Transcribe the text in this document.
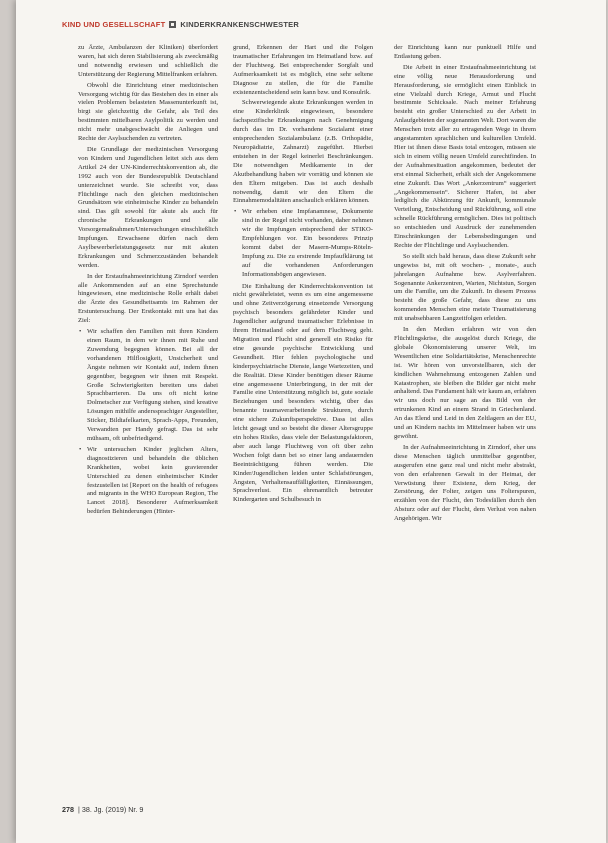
KIND UND GESELLSCHAFT KINDERKRANKENSCHWESTER

zu Ärzte, Ambulanzen der Kliniken) überfordert waren, hat sich deren Stabilisierung als zweckmäßig und notwendig erwiesen und schließlich die Unterstützung der Regierung Mittelfranken erfahren.

Obwohl die Einrichtung einer medizinischen Versorgung wichtig für das Bestehen des in einer als vielen Problemen belasteten Massenunterkunft ist, birgt sie gleichzeitig die Gefahr, als Teil des bestimmten mittelbaren Asylpolitik zu werden und nicht mehr unabgeschwächt die Anliegen und Rechte der Asylsuchenden zu vertreten.

Die Grundlage der medizinischen Versorgung von Kindern und Jugendlichen leitet sich aus dem Artikel 24 der UN-Kinderrechtskonvention ab, die 1992 auch von der Bundesrepublik Deutschland unterzeichnet wurde. Sie schreibt vor, dass Flüchtlinge nach den gleichen medizinischen Grundsätzen wie einheimische Kinder zu behandeln sind. Das gilt sowohl für akute als auch für chronische Erkrankungen und alle Vorsorgemaßnahmen/Untersuchungen einschließlich Impfungen. Erwachsene dürfen nach dem Asylbewerberleistungsgesetz nur mit akuten Erkrankungen und Schmerzzuständen behandelt werden.

In der Erstaufnahmeeinrichtung Zirndorf werden alle Ankommenden auf an eine Sprechstunde hingewiesen, eine medizinische Rolle erhält dabei die Ärzte des Gesundheitsamts im Rahmen der Erstuntersuchung. Der Erstkontakt mit uns hat das Ziel:

• Wir schaffen den Familien mit ihren Kindern einen Raum, in dem wir ihnen mit Ruhe und Zuwendung begegnen können. Bei all der vorhandenen Hilflosigkeit, Unsicherheit und Ängste nehmen wir Kontakt auf, indem ihnen gegenüber, begegnen wir ihnen mit Respekt. Große Schwierigkeiten bereiten uns dabei Sprachbarrieren. Da uns oft nicht keine Dolmetscher zur Verfügung stehen, sind kreative Lösungen mithilfe anderssprachiger Angestellter, Sticker, Bildtafelkarten, Sprach-Apps, Freunden, Verwandten per Handy gefragt. Das ist sehr mühsam, oft unbefriedigend.
• Wir untersuchen Kinder jeglichen Alters, diagnostizieren und behandeln die üblichen Krankheiten, wobei kein gravierender Unterschied zu denen einheimischer Kinder festzustellen ist [Report on the health of refugees and migrants in the WHO European Region, The Lancet 2018]. Besonderer Aufmerksamkeit bedürfen Behinderungen (Hinter-

grund, Erkennen der Hart und die Folgen traumatischer Erfahrungen im Heimatland bzw. auf der Fluchtweg. Bei entsprechender Sorgfalt und Aufmerksamkeit ist es möglich, eine sehr seltene Diagnose zu stellen, die für die Familie existenzentscheidend sein kann bzw. und Konsulrik.

Schwerwiegende akute Erkrankungen werden in eine Kinderklinik eingewiesen, besondere fachspezifische Erkrankungen nach Genehmigung durch das im Dr. vorhandene Sozialamt einer entsprechenden Sozialambulanz (z.B. Orthopädie, Neuropädiatrie, Zahnarzt) zugeführt. Hierbei entstehen in der Regel keinerlei Beschränkungen. Die notwendigen Medikamente in der Akutbehandlung haben wir vorrätig und können sie den Eltern mitgeben. Das ist auch deshalb notwendig, damit wir den Eltern die Einnahmemodalitäten anschaulich erklären können.

• Wir erheben eine Impfanamnese, Dokumente sind in der Regel nicht vorhanden, daher nehmen wir die Impfungen entsprechend der STIKO-Empfehlungen vor. Ein besonderes Prinzip kommt dabei der Masern-Mumps-Röteln-Impfung zu. Die zu erstrende Impfaufklärung ist auf die vorhandenen Anforderungen Informationsbögen angewiesen.

Die Einhaltung der Kinderrechtskonvention ist nicht gewährleistet, wenn es um eine angemessene und ohne Zeitverzögerung einsetzende Versorgung psychisch besonders gefährdeter Kinder und Jugendlicher aufgrund traumatischer Erlebnisse in ihrem Heimatland oder auf dem Fluchtweg geht. Migration und Flucht sind generell ein Risiko für eine gesunde psychische Entwicklung und Gesundheit. Hier fehlen psychologische und kinderpsychiatrische Dienste, lange Wartezeiten, und die Realität. Diese Kinder benötigen dieser Räume eine angemessene Unterbringung, in der mit der Familie eine Unterstützung möglich ist, gute soziale Beziehungen und besonders wichtig, über das benannte traumaverarbeitende Strukturen, durch eine sichere Zukunftsperspektive. Dass ist alles leicht gesagt und so besteht die dieser Altersgruppe ein hohes Risiko, dass viele der Belastungsfaktoren, aber auch lange Fluchtweg von oft über zehn Wochen folgt dann bei so einer lang andauernden Beeinträchtigung führen werden. Die Kinder/Jugendlichen leiden unter Schlafstörungen, Ängsten, Verhaltensauffälligkeiten, Einnässungen, Sprachverlust. Ein ehrenamtlich betreuter Kindergarten und Schulbesuch in

der Einrichtung kann nur punktuell Hilfe und Entlastung geben.

Die Arbeit in einer Erstaufnahmeeinrichtung ist eine völlig neue Herausforderung und Herausforderung, sie ermöglicht einen Einblick in eine Vielzahl durch Kriege, Armut und Flucht bestimmte Schicksale. Nach meiner Erfahrung besteht ein großer Unterschied zu der Arbeit in Anlaufgebieten der sogenannten Welt. Dort waren die Menschen trotz aller zu ertragenden Wege in ihrem angestammten sprachlichen und kulturellen Umfeld. Hier ist ihnen diese Basis total entzogen, müssen sie sich in einem völlig neuen Umfeld zurechtfinden. In der Aufnahmesituation angekommen, bedeutet der erst einmal Sicherheit, erhält sich der Angekommene eine Zukunft. Das Wort „Ankerzentrum“ suggeriert „Angekommensein“. Sicherer Hafen, ist aber lediglich die Abkürzung für Ankunft, kommunale Verteilung, Entscheidung und Rückführung, soll eine schnelle Rückführung ermöglichen. Dies ist politisch so entschieden und Ausdruck der zunehmenden Einschränkungen der Lebensbedingungen und Rechte der Flüchtlinge und Asylsuchenden.

So stellt sich bald heraus, dass diese Zukunft sehr ungewiss ist, mit oft wochen- , monate-, auch jahrelangen Aufnahme bzw. Asylverfahren. Sogenannte Ankerzentren, Warten, Nichtstun, Sorgen um die Familie, um die Zukunft. In diesem Prozess besteht die große Gefahr, dass diese zu uns kommenden Menschen eine meiste Traumatisierung mit unabsehbaren Langzeitfolgen erleiden.

In den Medien erfahren wir von den Flüchtlingskrise, die ausgelöst durch Kriege, die globale Ökonomisierung unserer Welt, im Wesentlichen eine Solidaritätskrise, Menschenrechte ist. Wir hören von unvorstellbaren, sich der kindlichen Wahrnehmung entzogenen Zahlen und Katastrophen, sie bleiben die Bilder gar nicht mehr anhaltend. Das Fundament hält wir kaum an, erfahren wir uns doch nur sage an das Bild von der ertrunkenen Kind an einem Strand in Griechenland. An das Elend und Leid in den Zeltlagern an der EU, und an Kindern nachts im Mittelmeer haben wir uns gewöhnt.

In der Aufnahmeeinrichtung in Zirndorf, eher uns diese Menschen täglich unmittelbar gegenüber, ausgerufen eine ganz real und nicht mehr abstrakt, von den erfahrenen Gewalt in der Heimat, der Verwüstung ihrer Existenz, dem Krieg, der Zerstörung, der Folter, zeigen uns Folterspuren, erzählen von der Flucht, den Todesfällen durch den Absturz oder auf der Flucht, dem Verlust von nahen Angehörigen. Wir

278 | 38. Jg. (2019) Nr. 9
